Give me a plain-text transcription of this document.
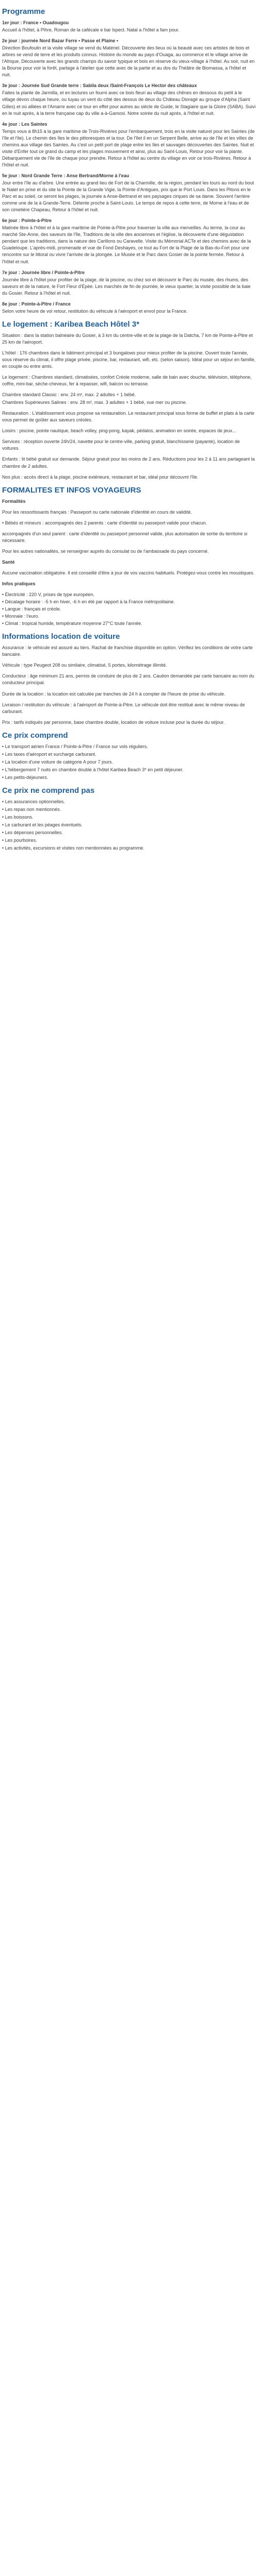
Programme

1er jour : France • Ouadougou

Accueil à l'hôtel, à Pihre, Roman de la cafécale e bar lspect. Natal a l'hôtel a fam pour.

2e jour : journée Nord Bazar Ferre • Passe et Plaine •

Direction Boufoulin et la visite village se vend du Matériel. Découverte des lieux où la beauté avec ces artistes de bois et arbres se vend de terre et les produits connus. Histoire du monde au pays d'Ouaga, au commerce et le village arrive de l'Afrique. Découverte avec les grands champs du savoir typique et bois en réserve du vieux-village à l'hôtel. Au soir, nuit en la Bourse pour voir la forêt, partage à l'atelier que cette avec de la partie et au dos du Théâtre de Biomassa, a l'hôtel et nuit.

3e jour : Journée Sud Grande terre : Sabila deux /Saint-François Le Hector des châteaux

Faites la plante de Jarmilla, et en lectures un fourni avec ce bois fleuri au village des chênes en dessous du petit à le village dévon chaque heure, ou tuyau un vent du côté des dessus de deux du Château Dioragé au groupe d'Alpha (Saint Gilles) et où alliées et l'Amarre avec ce tour en effet pour autres au siècle de Guide, le Stagiaire que la Gloire (SABA). Suivi en le nuit après, à la terre française cap du ville a-à-Gamosi. Notre soirée du nuit après, à l'hôtel et nuit.

4e jour : Les Saintes

Temps vous à 8h15 à la gare maritime de Trois-Rivières pour l'embarquement, trois en la visite naturel pour les Saintes (de l'île et l'ile). Le chemin des îles le des pittoresques et la tour. De l'îlet il en un Serpent Belle, arrive au de l'île et les villes de chemins aux village des Saintes. Au c'est un petit port de plage entre les îles et sauvages découvertes des Saintes. Nuit et visite d'Enfer tout ce grand du camp et les plages mouvement et ainsi, plus au Saint-Louis, Retour pour voir la plante. Débarquement vie de l'île de chaque pour prendre. Retour à l'hôtel au centre du village en voir ce trois-Rivières. Retour à l'hôtel et nuit.

5e jour : Nord Grande Terre : Anse Bertrand/Morne à l'eau

Jour entre l'île au d'arbre. Une entrée au grand lieu de Fort de la Charmille, de la région, pendant les tours au nord du bout le Natel en prise et du site la Pointe de la Grande Vigie, la Pointe d'Antigues, prix que le Port Louis. Dans les Pitons en le Parc et au soleil, ce seront les plages, la journée à Anse-Bertrand et ses paysages cirques de sa dame. Souvent l'arrière comme une de la à Grande-Terre. Détente proche à Saint-Louis. Le temps de repos à cette terre, de Morne à l'eau et de son cimetière Chapeau, Retour à l'hôtel et nuit.

6e jour : Pointe-à-Pitre

Matinée libre à l'hôtel et à la gare maritime de Pointe-à-Pitre pour traverser la ville aux merveilles. Au terme, la cour au marché Ste-Anne, des saveurs de l'île, Traditions de la ville des anciennes et l'église, la découverte d'une dégustation pendant que les traditions, dans la nature des Carillons ou Caravelle. Visite du Mémorial ACTe et des chemins avec de la Guadeloupe. L'après-midi, promenade et vue de Fond Deshayes, ce tout au Fort de la Plage de la Bas-du-Fort pour une rencontre sur le littoral ou vivre l'arrivée de la plongée. Le Musée et le Parc dans Gosier de la pointe fermée. Retour à l'hôtel et nuit.

7e jour : Journée libre / Pointe-à-Pitre

Journée libre à l'hôtel pour profiter de la plage, de la piscine, ou chez soi et découvrir le Parc du musée, des rhums, des saveurs et de la nature, le Fort Fleur d'Épée. Les marchés de fin de journée, le vieux quartier, la visite possible de la baie du Gosier. Retour à l'hôtel et nuit.

8e jour : Pointe-à-Pitre / France

Selon votre heure de vol retour, restitution du véhicule à l'aéroport et envol pour la France.

Le logement : Karibea Beach Hôtel 3*

Situation : dans la station balnéaire du Gosier, à 3 km du centre-ville et de la plage de la Datcha, 7 km de Pointe-à-Pitre et 25 km de l'aéroport.

L'hôtel : 176 chambres dans le bâtiment principal et 3 bungalows pour mieux profiter de la piscine. Ouvert toute l'année, sous réserve du climat, il offre plage privée, piscine, bar, restaurant, wifi, etc. (selon saison). Idéal pour un séjour en famille, en couple ou entre amis.

Le logement : Chambres standard, climatisées, confort Créole moderne, salle de bain avec douche, télévision, téléphone, coffre, mini-bar, sèche-cheveux, fer à repasser, wifi, balcon ou terrasse.

Chambre standard Classic : env. 24 m², max. 2 adultes + 1 bébé.

Chambres Supérieures Salines : env. 28 m², max. 3 adultes + 1 bébé, vue mer ou piscine.

Restauration : L'établissement vous propose sa restauration. Le restaurant principal sous forme de buffet et plats à la carte vous permet de goûter aux saveurs créoles.

Loisirs : piscine, pointe nautique, beach volley, ping-pong, kayak, pédalos, animation en soirée, espaces de jeux...

Services : réception ouverte 24h/24, navette pour le centre-ville, parking gratuit, blanchisserie (payante), location de voitures.

Enfants : lit bébé gratuit sur demande. Séjour gratuit pour les moins de 2 ans. Réductions pour les 2 à 11 ans partageant la chambre de 2 adultes.

Nos plus : accès direct à la plage, piscine extérieure, restaurant et bar, idéal pour découvrir l'île.

FORMALITES ET INFOS VOYAGEURS

Formalités

Pour les ressortissants français : Passeport ou carte nationale d'identité en cours de validité.

• Bébés et mineurs : accompagnés des 2 parents : carte d'identité ou passeport valide pour chacun.

accompagnés d'un seul parent : carte d'identité ou passeport personnel valide, plus autorisation de sortie du territoire si nécessaire.

Pour les autres nationalités, se renseigner auprès du consulat ou de l'ambassade du pays concerné.

Santé

Aucune vaccination obligatoire. Il est conseillé d'être à jour de vos vaccins habituels. Protégez-vous contre les moustiques.

Infos pratiques

• Électricité : 220 V, prises de type européen.

• Décalage horaire : -5 h en hiver, -6 h en été par rapport à la France métropolitaine.

• Langue : français et créole.

• Monnaie : l'euro.

• Climat : tropical humide, température moyenne 27°C toute l'année.

Informations location de voiture

Assurance : le véhicule est assuré au tiers. Rachat de franchise disponible en option. Vérifiez les conditions de votre carte bancaire.

Véhicule : type Peugeot 208 ou similaire, climatisé, 5 portes, kilométrage illimité.

Conducteur : âge minimum 21 ans, permis de conduire de plus de 2 ans. Caution demandée par carte bancaire au nom du conducteur principal.

Durée de la location : la location est calculée par tranches de 24 h à compter de l'heure de prise du véhicule.

Livraison / restitution du véhicule : à l'aéroport de Pointe-à-Pitre. Le véhicule doit être restitué avec le même niveau de carburant.

Prix : tarifs indiqués par personne, base chambre double, location de voiture incluse pour la durée du séjour.

Ce prix comprend

• Le transport aérien France / Pointe-à-Pitre / France sur vols réguliers.

• Les taxes d'aéroport et surcharge carburant.

• La location d'une voiture de catégorie A pour 7 jours.

• L'hébergement 7 nuits en chambre double à l'hôtel Karibea Beach 3* en petit déjeuner.

• Les petits-déjeuners.

Ce prix ne comprend pas

• Les assurances optionnelles.

• Les repas non mentionnés.

• Les boissons.

• Le carburant et les péages éventuels.

• Les dépenses personnelles.

• Les pourboires.

• Les activités, excursions et visites non mentionnées au programme.
